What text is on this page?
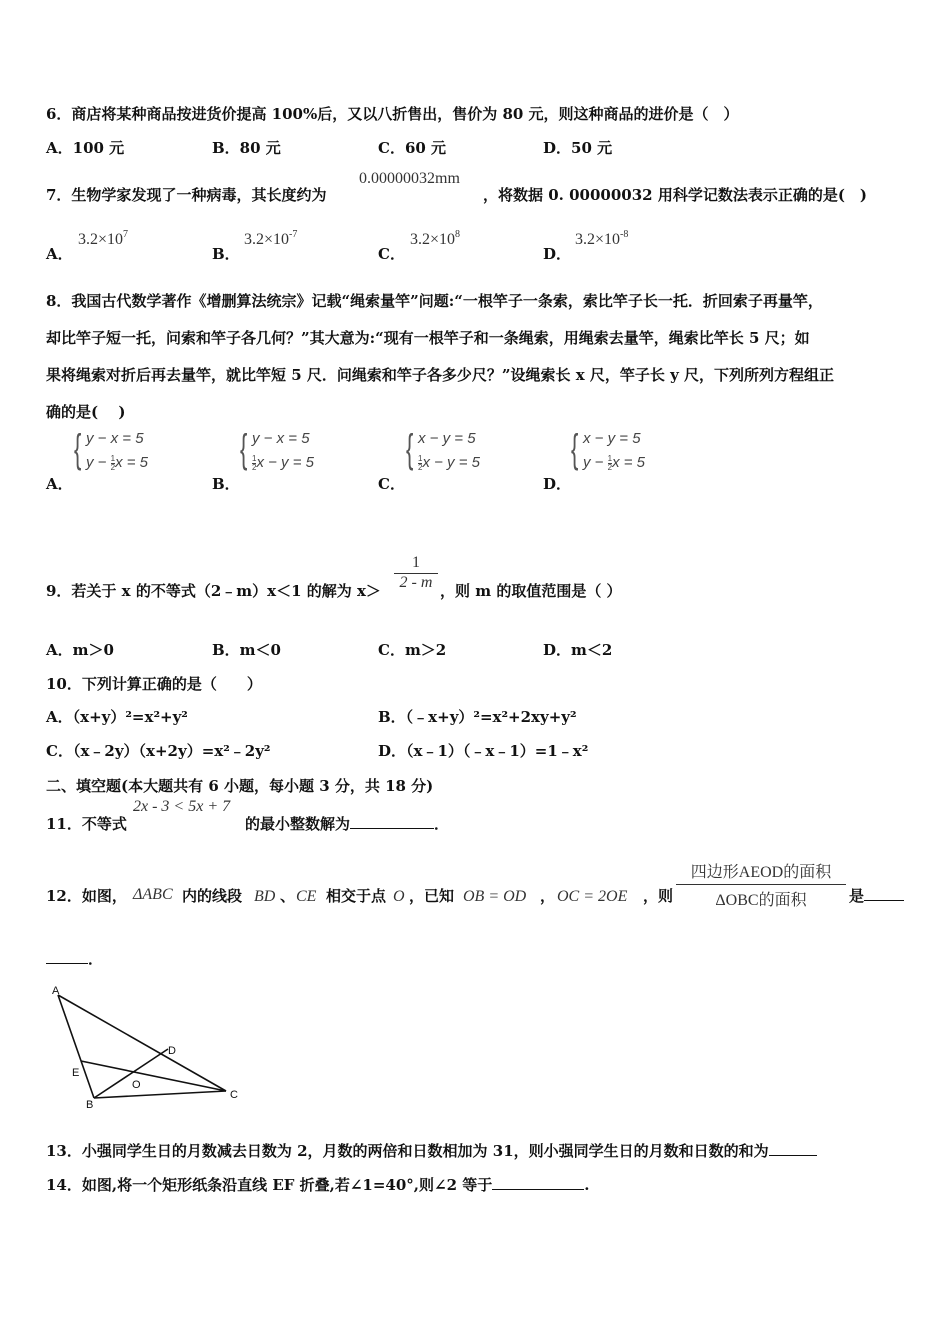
6．商店将某种商品按进货价提高 100%后，又以八折售出，售价为 80 元，则这种商品的进价是（　）
A．100 元	B．80 元	C．60 元	D．50 元
7．生物学家发现了一种病毒，其长度约为
0.00000032mm
，将数据 0. 00000032 用科学记数法表示正确的是(　)
A．
$3.2\times 10^7$
B．
$3.2\times 10^{-7}$
C．
$3.2\times 10^8$
D．
$3.2\times 10^{-8}$
8．我国古代数学著作《增删算法统宗》记载“绳索量竿”问题:“一根竿子一条索，索比竿子长一托．折回索子再量竿，
却比竿子短一托，问索和竿子各几何？”其大意为:“现有一根竿子和一条绳索，用绳索去量竿，绳索比竿长 5 尺；如
果将绳索对折后再去量竿，就比竿短 5 尺．问绳索和竿子各多少尺？”设绳索长 x 尺，竿子长 y 尺，下列所列方程组正
确的是(　 )
A．
{ y − x = 5
$y - \frac{1}{2}$ x = 5
B．
{ y − x = 5
$\frac{1}{2}$ x − y = 5
C．
{ x − y = 5
$\frac{1}{2}$ x − y = 5
D．
{ x − y = 5
$y - \frac{1}{2}$ x = 5
9．若关于 x 的不等式（2﹣m）x＜1 的解为 $x> \frac{1}{2 - m}$ ，则 m 的取值范围是（ ）
A．m＞0	B．m＜0	C．m＞2	D．m＜2
10．下列计算正确的是（　　）
A．（x+y）²=x²+y²	B．（﹣x+y）²=x²+2xy+y²
C．（x﹣2y）（x+2y）=x²﹣2y²	D．（x﹣1）（﹣x﹣1）=1﹣x²
二、填空题(本大题共有 6 小题，每小题 3 分，共 18 分)
11．不等式
2x - 3 < 5x + 7
的最小整数解为	．
12．如图， ΔABC 内的线段 BD 、 CE 相交于点 O ，已知 OB = OD ， OC = 2OE ，则
四边形AEOD的面积
ΔOBC的面积	是
．
A
B
C
D
E
O
13．小强同学生日的月数减去日数为 2，月数的两倍和日数相加为 31，则小强同学生日的月数和日数的和为
14．如图,将一个矩形纸条沿直线 EF 折叠,若∠1=40°,则∠2 等于	.
